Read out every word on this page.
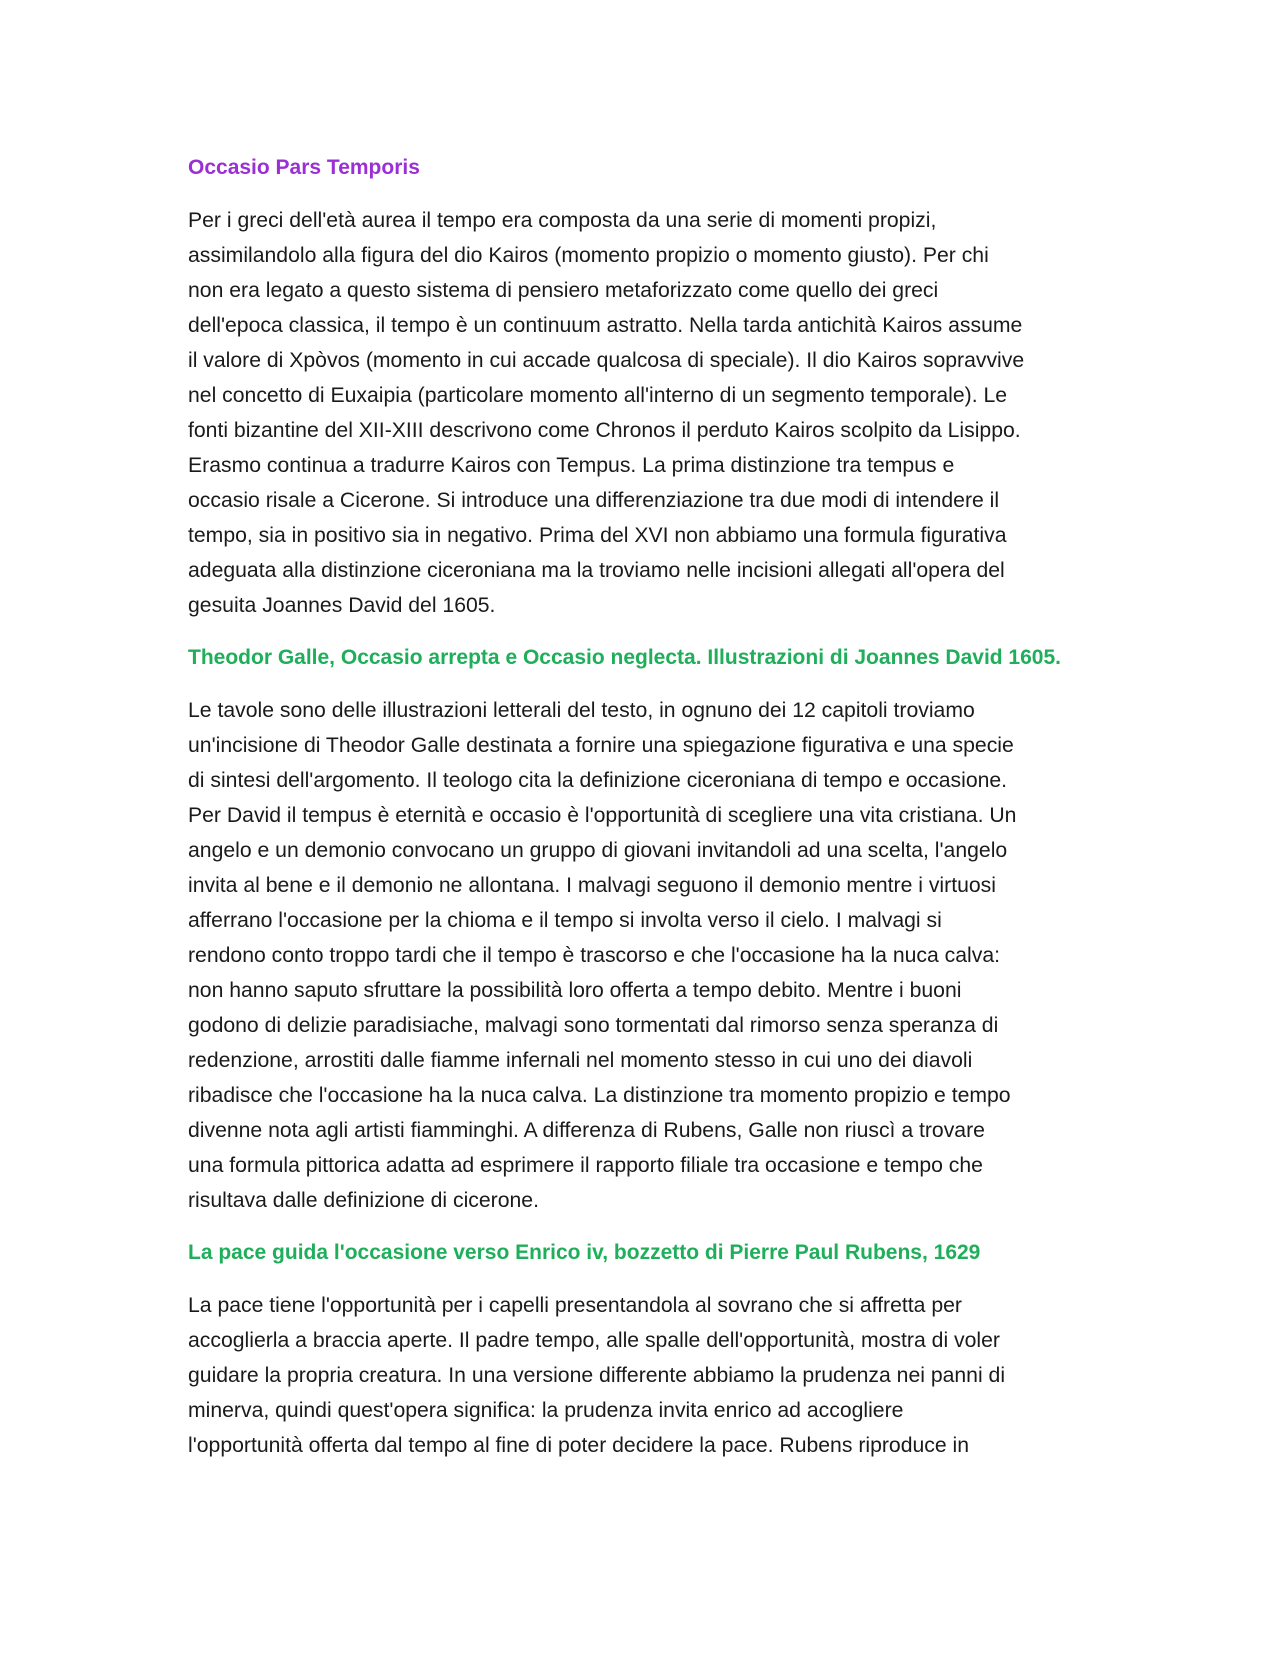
Occasio Pars Temporis
Per i greci dell'età aurea il tempo era composta da una serie di momenti propizi,
assimilandolo alla figura del dio Kairos (momento propizio o momento giusto). Per chi
non era legato a questo sistema di pensiero metaforizzato come quello dei greci
dell'epoca classica, il tempo è un continuum astratto. Nella tarda antichità Kairos assume
il valore di Xpòvos (momento in cui accade qualcosa di speciale). Il dio Kairos sopravvive
nel concetto di Euxaipia (particolare momento all'interno di un segmento temporale). Le
fonti bizantine del XII-XIII descrivono come Chronos il perduto Kairos scolpito da Lisippo.
Erasmo continua a tradurre Kairos con Tempus. La prima distinzione tra tempus e
occasio risale a Cicerone. Si introduce una differenziazione tra due modi di intendere il
tempo, sia in positivo sia in negativo. Prima del XVI non abbiamo una formula figurativa
adeguata alla distinzione ciceroniana ma la troviamo nelle incisioni allegati all'opera del
gesuita Joannes David del 1605.
Theodor Galle, Occasio arrepta e Occasio neglecta. Illustrazioni di Joannes David 1605.
Le tavole sono delle illustrazioni letterali del testo, in ognuno dei 12 capitoli troviamo
un'incisione di Theodor Galle destinata a fornire una spiegazione figurativa e una specie
di sintesi dell'argomento. Il teologo cita la definizione ciceroniana di tempo e occasione.
Per David il tempus è eternità e occasio è l'opportunità di scegliere una vita cristiana. Un
angelo e un demonio convocano un gruppo di giovani invitandoli ad una scelta, l'angelo
invita al bene e il demonio ne allontana. I malvagi seguono il demonio mentre i virtuosi
afferrano l'occasione per la chioma e il tempo si involta verso il cielo. I malvagi si
rendono conto troppo tardi che il tempo è trascorso e che l'occasione ha la nuca calva:
non hanno saputo sfruttare la possibilità loro offerta a tempo debito. Mentre i buoni
godono di delizie paradisiache, malvagi sono tormentati dal rimorso senza speranza di
redenzione, arrostiti dalle fiamme infernali nel momento stesso in cui uno dei diavoli
ribadisce che l'occasione ha la nuca calva. La distinzione tra momento propizio e tempo
divenne nota agli artisti fiamminghi. A differenza di Rubens, Galle non riuscì a trovare
una formula pittorica adatta ad esprimere il rapporto filiale tra occasione e tempo che
risultava dalle definizione di cicerone.
La pace guida l'occasione verso Enrico iv, bozzetto di Pierre Paul Rubens, 1629
La pace tiene l'opportunità per i capelli presentandola al sovrano che si affretta per
accoglierla a braccia aperte. Il padre tempo, alle spalle dell'opportunità, mostra di voler
guidare la propria creatura. In una versione differente abbiamo la prudenza nei panni di
minerva, quindi quest'opera significa: la prudenza invita enrico ad accogliere
l'opportunità offerta dal tempo al fine di poter decidere la pace. Rubens riproduce in
